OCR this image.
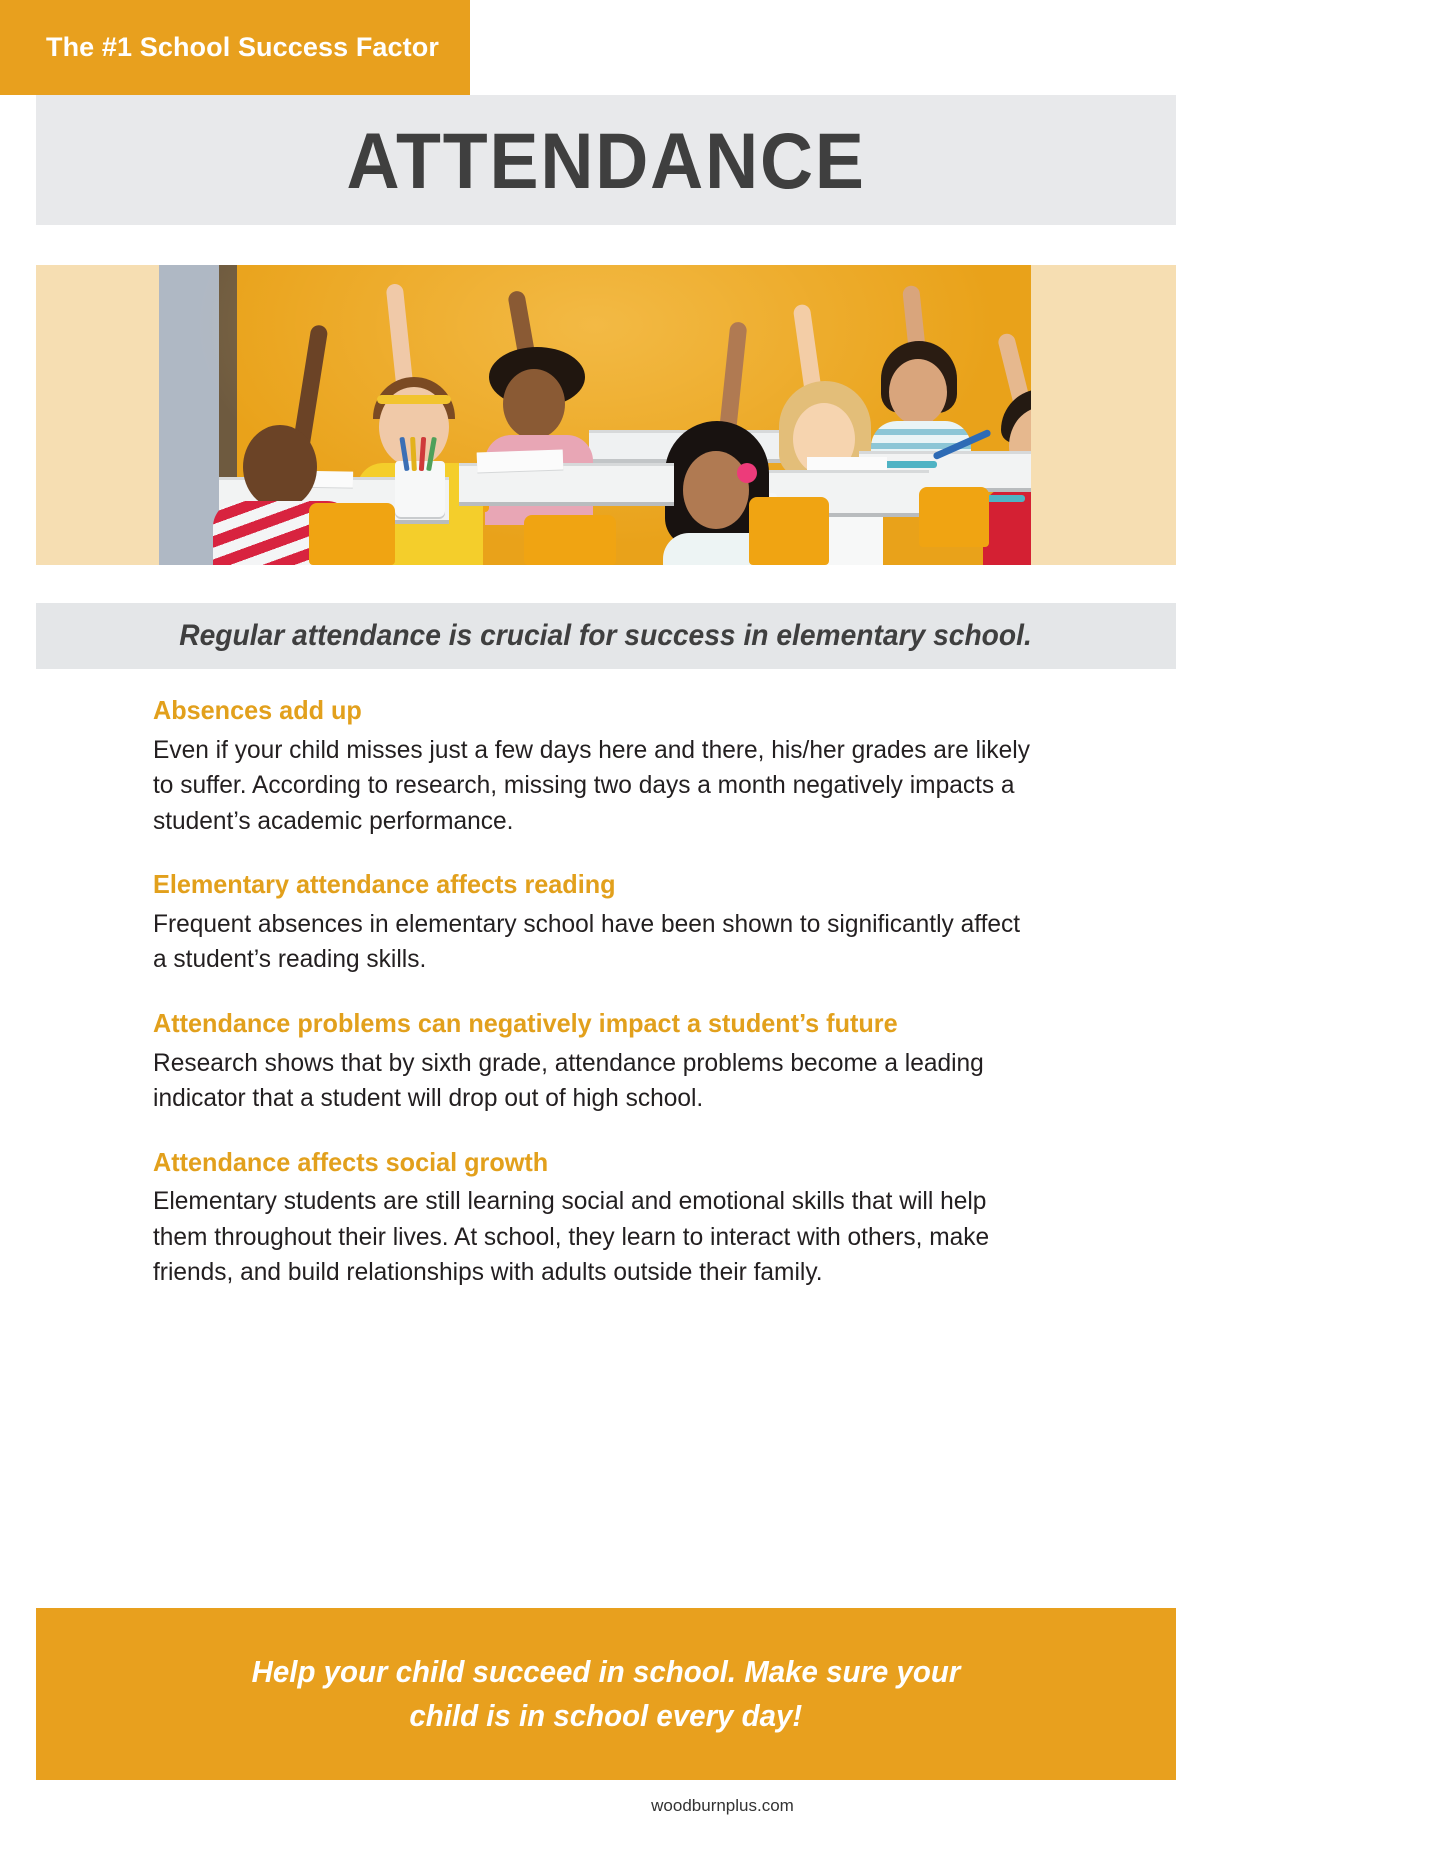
The #1 School Success Factor
ATTENDANCE
Regular attendance is crucial for success in elementary school.
Absences add up

Even if your child misses just a few days here and there, his/her grades are likely to suffer. According to research, missing two days a month negatively impacts a student’s academic performance.

Elementary attendance affects reading

Frequent absences in elementary school have been shown to significantly affect a student’s reading skills.

Attendance problems can negatively impact a student’s future

Research shows that by sixth grade, attendance problems become a leading indicator that a student will drop out of high school.

Attendance affects social growth

Elementary students are still learning social and emotional skills that will help them throughout their lives. At school, they learn to interact with others, make friends, and build relationships with adults outside their family.

Help your child succeed in school. Make sure your
child is in school every day!
woodburnplus.com
